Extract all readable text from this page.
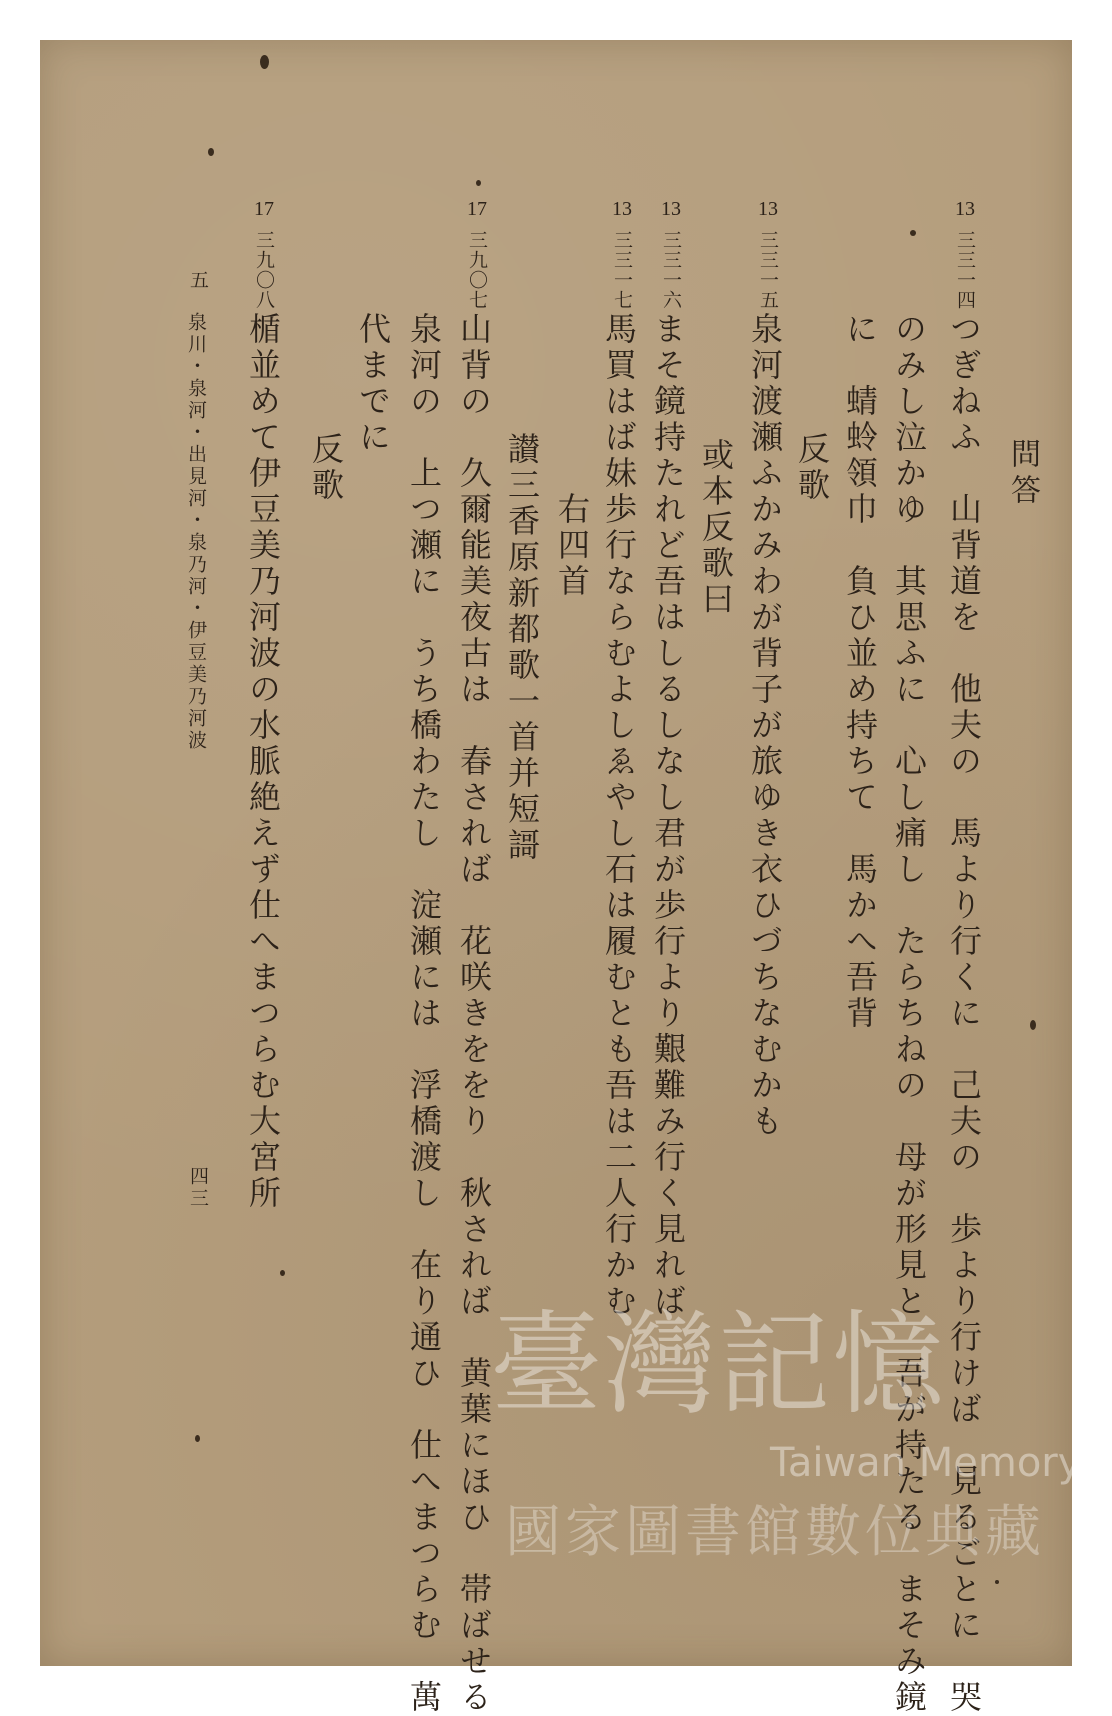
問答
13
三三一四
つぎねふ　山背道を　他夫の　馬より行くに　己夫の　歩より行けば　見るごとに　哭
のみし泣かゆ　其思ふに　心し痛し　たらちねの　母が形見と　吾が持たる　まそみ鏡
に　蜻蛉領巾　負ひ並め持ちて　馬かへ吾背
反歌
13
三三一五
泉河渡瀬ふかみわが背子が旅ゆき衣ひづちなむかも
或本反歌曰
13
三三一六
まそ鏡持たれど吾はしるしなし君が歩行より艱難み行く見れば
13
三三一七
馬買はば妹歩行ならむよしゑやし石は履むとも吾は二人行かむ
右四首
讃三香原新都歌一首并短謌
17
三九〇七
山背の　久爾能美夜古は　春されば　花咲きををり　秋されば　黄葉にほひ　帯ばせる
泉河の　上つ瀬に　うち橋わたし　淀瀬には　浮橋渡し　在り通ひ　仕へまつらむ　萬
代までに
反歌
17
三九〇八
楯並めて伊豆美乃河波の水脈絶えず仕へまつらむ大宮所
五
泉川・泉河・出見河・泉乃河・伊豆美乃河波
四三
臺灣記憶
Taiwan Memory
國家圖書館數位典藏
